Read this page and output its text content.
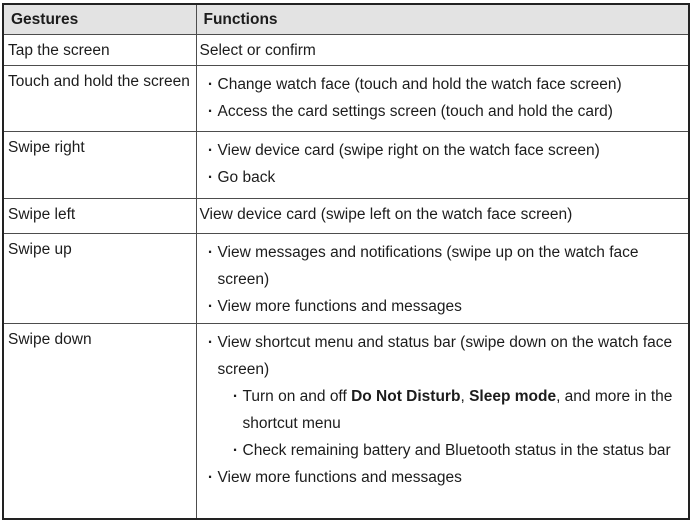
Gestures	Functions
Tap the screen	Select or confirm
Touch and hold the screen	· Change watch face (touch and hold the watch face screen)
· Access the card settings screen (touch and hold the card)

Swipe right	· View device card (swipe right on the watch face screen)
· Go back

Swipe left	View device card (swipe left on the watch face screen)
Swipe up	· View messages and notifications (swipe up on the watch face screen)
· View more functions and messages

Swipe down	· View shortcut menu and status bar (swipe down on the watch face screen)
· Turn on and off Do Not Disturb, Sleep mode, and more in the shortcut menu
· Check remaining battery and Bluetooth status in the status bar
· View more functions and messages
